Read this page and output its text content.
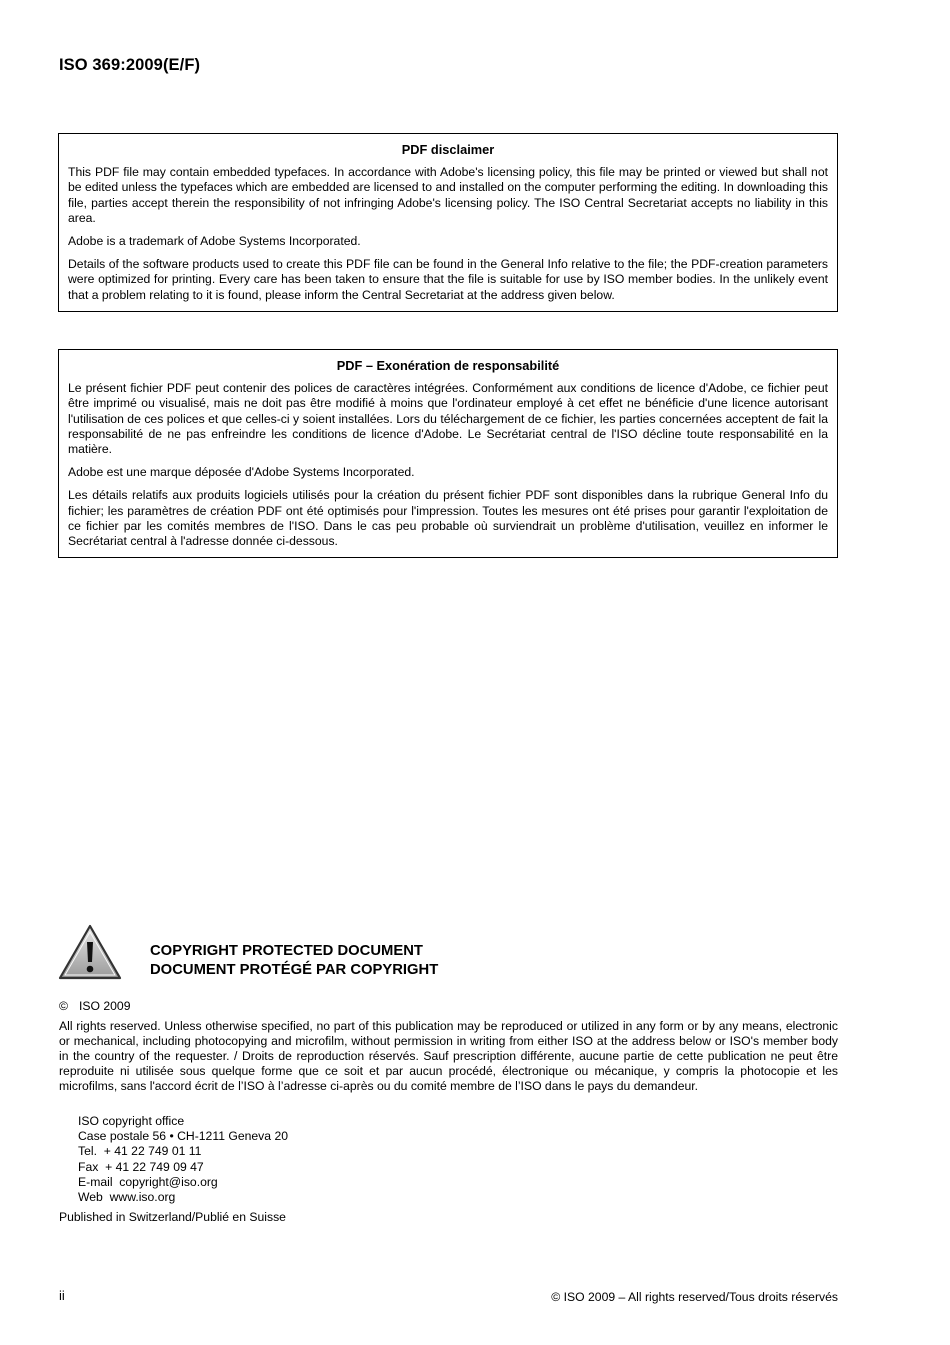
ISO 369:2009(E/F)
PDF disclaimer

This PDF file may contain embedded typefaces. In accordance with Adobe's licensing policy, this file may be printed or viewed but shall not be edited unless the typefaces which are embedded are licensed to and installed on the computer performing the editing. In downloading this file, parties accept therein the responsibility of not infringing Adobe's licensing policy. The ISO Central Secretariat accepts no liability in this area.

Adobe is a trademark of Adobe Systems Incorporated.

Details of the software products used to create this PDF file can be found in the General Info relative to the file; the PDF-creation parameters were optimized for printing. Every care has been taken to ensure that the file is suitable for use by ISO member bodies. In the unlikely event that a problem relating to it is found, please inform the Central Secretariat at the address given below.

PDF – Exonération de responsabilité

Le présent fichier PDF peut contenir des polices de caractères intégrées. Conformément aux conditions de licence d'Adobe, ce fichier peut être imprimé ou visualisé, mais ne doit pas être modifié à moins que l'ordinateur employé à cet effet ne bénéficie d'une licence autorisant l'utilisation de ces polices et que celles-ci y soient installées. Lors du téléchargement de ce fichier, les parties concernées acceptent de fait la responsabilité de ne pas enfreindre les conditions de licence d'Adobe. Le Secrétariat central de l'ISO décline toute responsabilité en la matière.

Adobe est une marque déposée d'Adobe Systems Incorporated.

Les détails relatifs aux produits logiciels utilisés pour la création du présent fichier PDF sont disponibles dans la rubrique General Info du fichier; les paramètres de création PDF ont été optimisés pour l'impression. Toutes les mesures ont été prises pour garantir l'exploitation de ce fichier par les comités membres de l'ISO. Dans le cas peu probable où surviendrait un problème d'utilisation, veuillez en informer le Secrétariat central à l'adresse donnée ci-dessous.

COPYRIGHT PROTECTED DOCUMENT
DOCUMENT PROTÉGÉ PAR COPYRIGHT
© ISO 2009

All rights reserved. Unless otherwise specified, no part of this publication may be reproduced or utilized in any form or by any means, electronic or mechanical, including photocopying and microfilm, without permission in writing from either ISO at the address below or ISO's member body in the country of the requester. / Droits de reproduction réservés. Sauf prescription différente, aucune partie de cette publication ne peut être reproduite ni utilisée sous quelque forme que ce soit et par aucun procédé, électronique ou mécanique, y compris la photocopie et les microfilms, sans l'accord écrit de l’ISO à l’adresse ci-après ou du comité membre de l’ISO dans le pays du demandeur.

ISO copyright office
Case postale 56 • CH-1211 Geneva 20
Tel.  + 41 22 749 01 11
Fax  + 41 22 749 09 47
E-mail  copyright@iso.org
Web  www.iso.org
Published in Switzerland/Publié en Suisse
ii	© ISO 2009 – All rights reserved/Tous droits réservés
